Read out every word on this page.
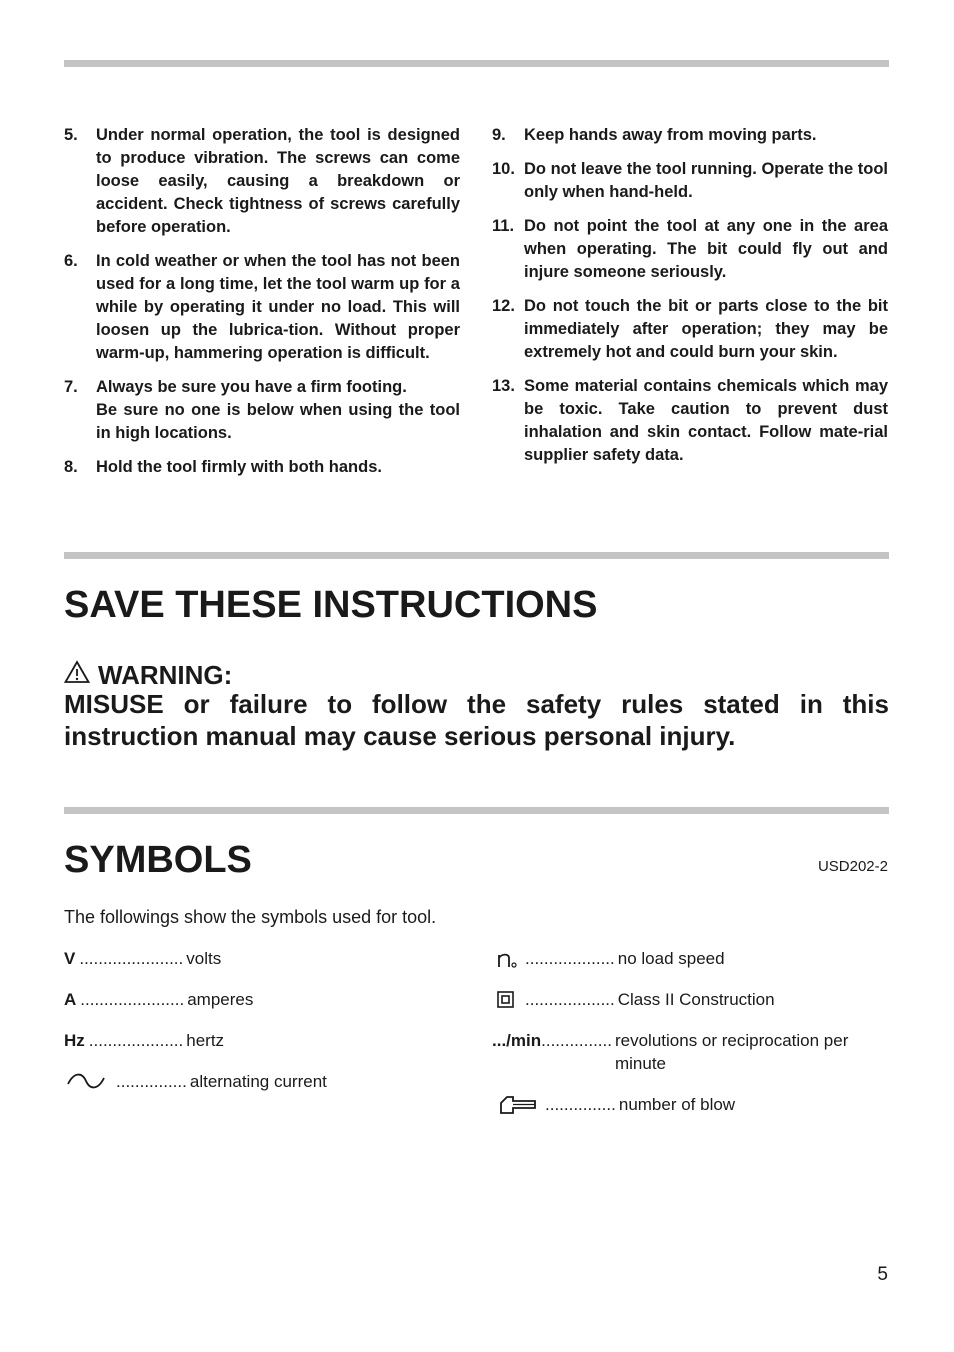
5.	Under normal operation, the tool is designed to produce vibration. The screws can come loose easily, causing a breakdown or accident. Check tightness of screws carefully before operation.

6.	In cold weather or when the tool has not been used for a long time, let the tool warm up for a while by operating it under no load. This will loosen up the lubrica-tion. Without proper warm-up, hammering operation is difficult.

7.	Always be sure you have a firm footing.

Be sure no one is below when using the tool in high locations.

8.	Hold the tool firmly with both hands.

9.	Keep hands away from moving parts.

10. Do not leave the tool running. Operate the tool only when hand-held.

11. Do not point the tool at any one in the area when operating. The bit could fly out and injure someone seriously.

12. Do not touch the bit or parts close to the bit immediately after operation; they may be extremely hot and could burn your skin.

13. Some material contains chemicals which may be toxic. Take caution to prevent dust inhalation and skin contact. Follow mate-rial supplier safety data.

SAVE THESE INSTRUCTIONS
WARNING:

MISUSE or failure to follow the safety rules stated in this instruction manual may cause serious personal injury.

SYMBOLS	USD202-2

The followings show the symbols used for tool.

V ...................... volts
A ...................... amperes
Hz .................... hertz
............... alternating current
................... no load speed
................... Class II Construction
.../min ............... revolutions or reciprocation per
minute
............... number of blow
5
